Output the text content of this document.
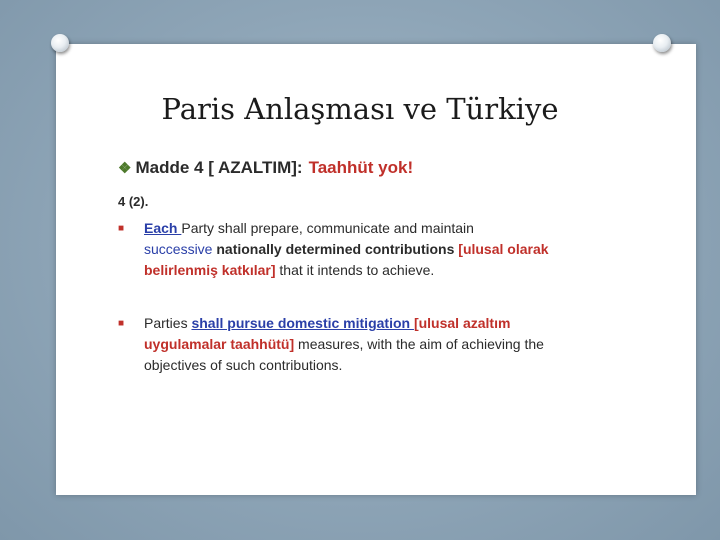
Paris Anlaşması ve Türkiye
❖ Madde 4 [ AZALTIM]: Taahhüt yok!
4 (2).
■ Each Party shall prepare, communicate and maintain
successive nationally determined contributions [ulusal olarak belirlenmiş katkılar] that it intends to achieve.
■ Parties shall pursue domestic mitigation [ulusal azaltım uygulamalar taahhütü] measures, with the aim of achieving the objectives of such contributions.
